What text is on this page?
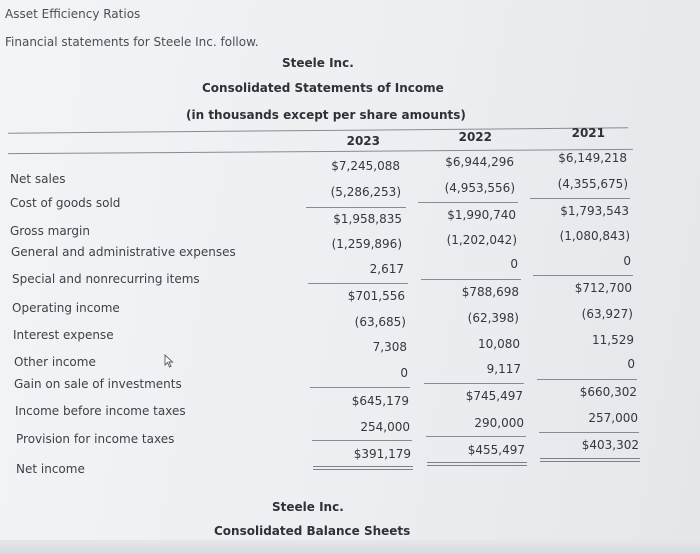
Asset Efficiency Ratios
Financial statements for Steele Inc. follow.
Steele Inc.
Consolidated Statements of Income
(in thousands except per share amounts)
2023	2022	2021
Net sales
Cost of goods sold
Gross margin
General and administrative expenses
Special and nonrecurring items
Operating income
Interest expense
Other income
Gain on sale of investments
Income before income taxes
Provision for income taxes
Net income
$7,245,088
(5,286,253)
$1,958,835
(1,259,896)
2,617
$701,556
(63,685)
7,308
0
$645,179
254,000
$391,179
$6,944,296
(4,953,556)
$1,990,740
(1,202,042)
0
$788,698
(62,398)
10,080
9,117
$745,497
290,000
$455,497
$6,149,218
(4,355,675)
$1,793,543
(1,080,843)
0
$712,700
(63,927)
11,529
0
$660,302
257,000
$403,302
Steele Inc.
Consolidated Balance Sheets
